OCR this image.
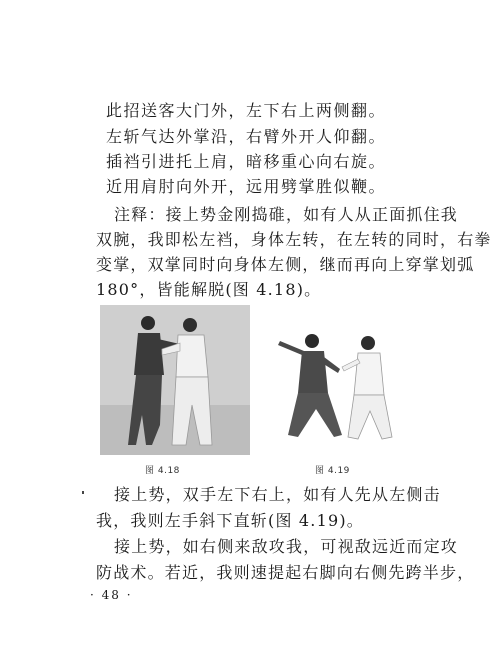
此招送客大门外，左下右上两侧翻。
左斩气达外掌沿，右臂外开人仰翻。
插裆引进托上肩，暗移重心向右旋。
近用肩肘向外开，远用劈掌胜似鞭。
注释：接上势金刚捣碓，如有人从正面抓住我
双腕，我即松左裆，身体左转，在左转的同时，右拳
变掌，双掌同时向身体左侧，继而再向上穿掌划弧
180°，皆能解脱(图 4.18)。
图 4.18	图 4.19
接上势，双手左下右上，如有人先从左侧击
我，我则左手斜下直斩(图 4.19)。
接上势，如右侧来敌攻我，可视敌远近而定攻
防战术。若近，我则速提起右脚向右侧先跨半步，
· 48 ·
